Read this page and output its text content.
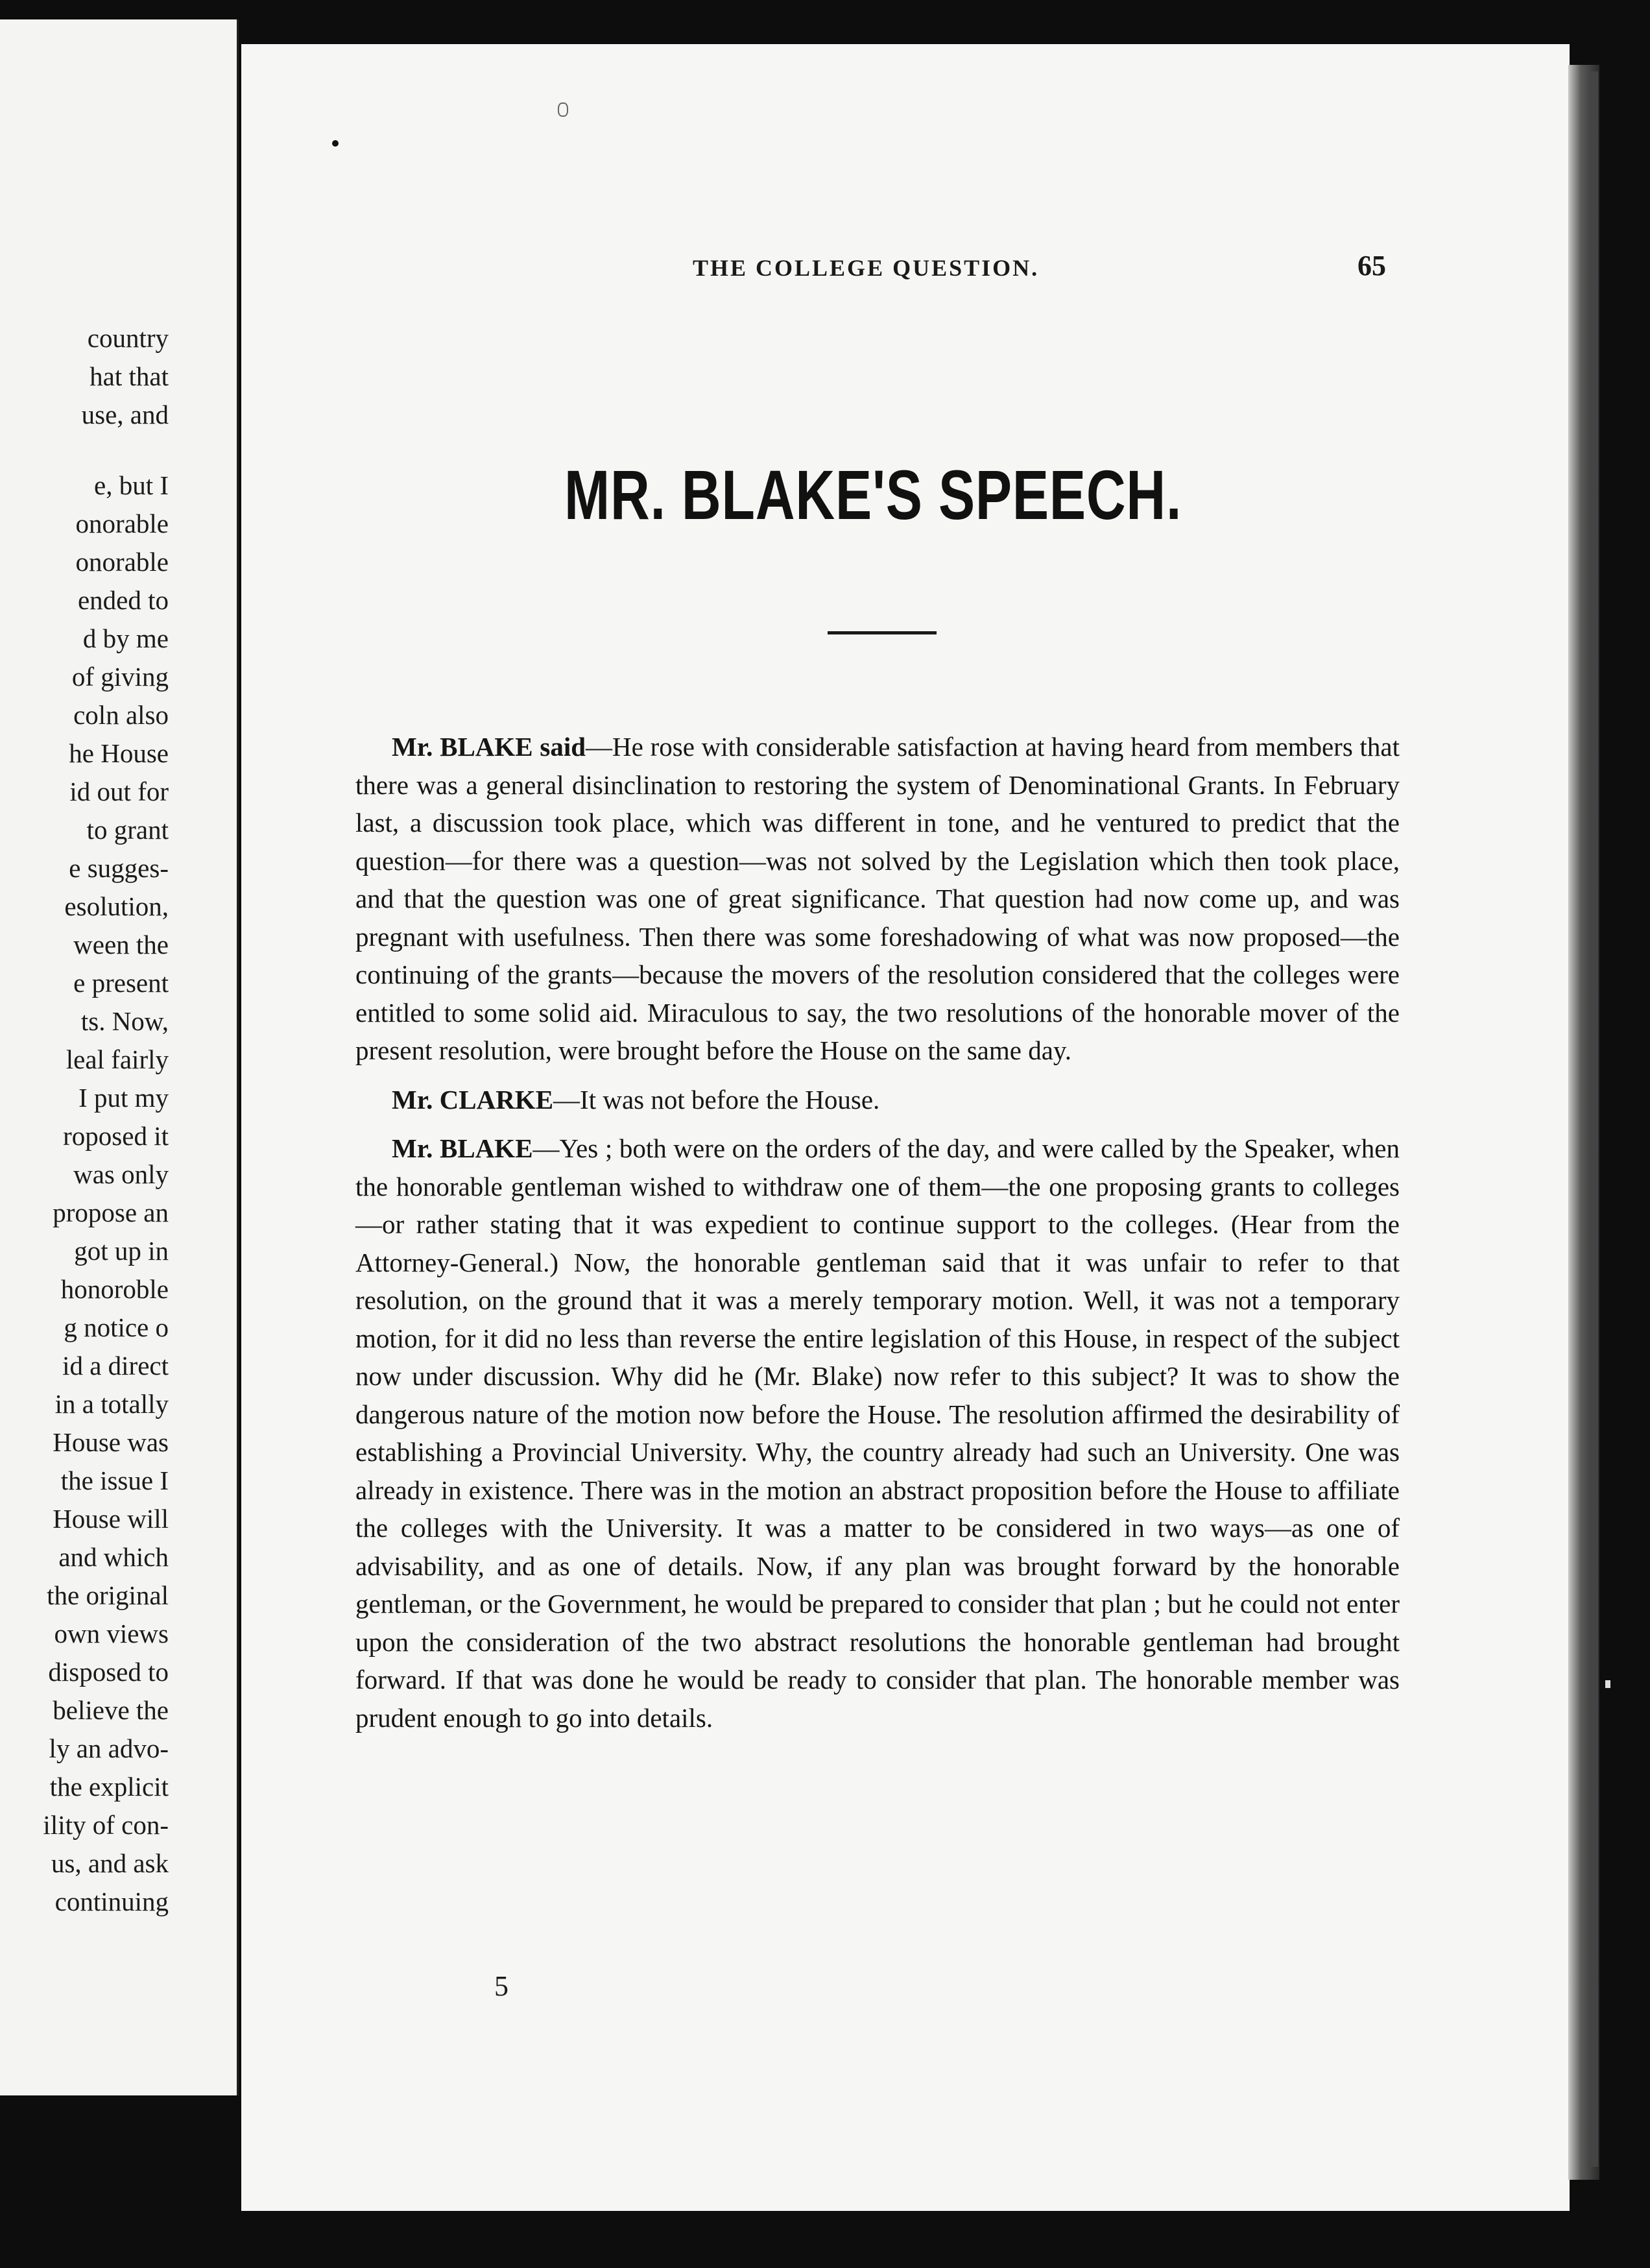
country
hat that
use, and
e, but I
onorable
onorable
ended to
d by me
of giving
coln also
he House
id out for
to grant
e sugges-
esolution,
ween the
e present
ts. Now,
leal fairly
I put my
roposed it
was only
propose an
got up in
honoroble
g notice o
id a direct
in a totally
House was
the issue I
House will
and which
the original
own views
disposed to
believe the
ly an advo-
the explicit
ility of con-
us, and ask
continuing
THE COLLEGE QUESTION.	65
MR. BLAKE'S SPEECH.

Mr. BLAKE said—He rose with considerable satisfaction at having heard from members that there was a general disinclination to restoring the system of Denominational Grants. In February last, a discussion took place, which was different in tone, and he ventured to predict that the question—for there was a question—was not solved by the Legislation which then took place, and that the question was one of great significance. That question had now come up, and was pregnant with usefulness. Then there was some foreshadowing of what was now proposed—the continuing of the grants—because the movers of the resolution considered that the colleges were entitled to some solid aid. Miraculous to say, the two resolutions of the honorable mover of the present resolution, were brought before the House on the same day.

Mr. CLARKE—It was not before the House.

Mr. BLAKE—Yes ; both were on the orders of the day, and were called by the Speaker, when the honorable gentleman wished to withdraw one of them—the one proposing grants to colleges—or rather stating that it was expedient to continue support to the colleges. (Hear from the Attorney-General.) Now, the honorable gentleman said that it was unfair to refer to that resolution, on the ground that it was a merely temporary motion. Well, it was not a temporary motion, for it did no less than reverse the entire legislation of this House, in respect of the subject now under discussion. Why did he (Mr. Blake) now refer to this subject? It was to show the dangerous nature of the motion now before the House. The resolution affirmed the desirability of establishing a Provincial University. Why, the country already had such an University. One was already in existence. There was in the motion an abstract proposition before the House to affiliate the colleges with the University. It was a matter to be considered in two ways—as one of advisability, and as one of details. Now, if any plan was brought forward by the honorable gentleman, or the Government, he would be prepared to consider that plan ; but he could not enter upon the consideration of the two abstract resolutions the honorable gentleman had brought forward. If that was done he would be ready to consider that plan. The honorable member was prudent enough to go into details.

5
